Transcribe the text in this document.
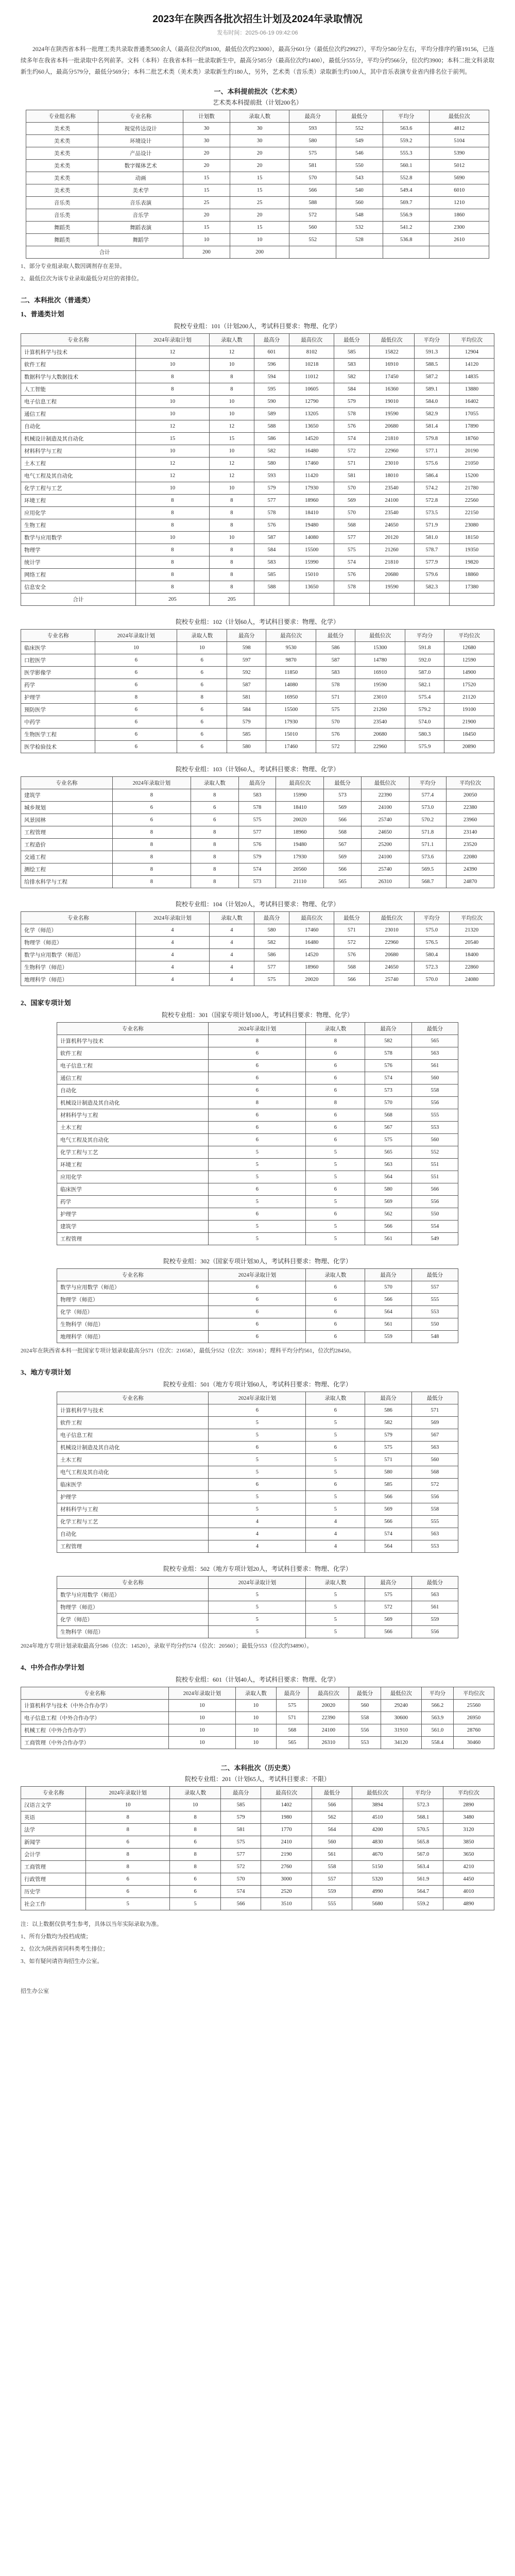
2023年在陕西各批次招生计划及2024年录取情况
发布时间：2025-06-19 09:42:06
2024年在陕西省本科一批理工类共录取普通类500余人（最高位次约8100，最低位次约23000），最高分601分（最低位次约29927），平均分580分左右，平均分排序约第19156，已连续多年在我省本科一批录取中名列前茅。文科（本科）在我省本科一批录取新生中，最高分585分（最高位次约1400），最低分555分，平均分约566分，位次约3900；本科二批文科录取新生约60人，最高分579分，最低分569分；本科二批艺术类（美术类）录取新生约180人，另外，艺术类（音乐类）录取新生约100人，其中音乐表演专业省内排名位于前列。
一、本科提前批次（艺术类）
艺术类本科提前批（计划200名）
专业组名称	专业名称	计划数	录取人数	最高分	最低分	平均分	最低位次
美术类	视觉传达设计	30	30	593	552	563.6	4812
美术类	环境设计	30	30	580	549	559.2	5104
美术类	产品设计	20	20	575	546	555.3	5390
美术类	数字媒体艺术	20	20	581	550	560.1	5012
美术类	动画	15	15	570	543	552.8	5690
美术类	美术学	15	15	566	540	549.4	6010
音乐类	音乐表演	25	25	588	560	569.7	1210
音乐类	音乐学	20	20	572	548	556.9	1860
舞蹈类	舞蹈表演	15	15	560	532	541.2	2300
舞蹈类	舞蹈学	10	10	552	528	536.8	2610
合计		200	200				
1、部分专业组录取人数因调剂存在差异。
2、最低位次为该专业录取最低分对应的省排位。
二、本科批次（普通类）
1、普通类计划
院校专业组：101（计划200人，考试科目要求：物理、化学）
专业名称	2024年录取计划	录取人数	最高分	最高位次	最低分	最低位次	平均分	平均位次
计算机科学与技术	12	12	601	8102	585	15822	591.3	12904
软件工程	10	10	596	10218	583	16910	588.5	14120
数据科学与大数据技术	8	8	594	11012	582	17450	587.2	14835
人工智能	8	8	595	10605	584	16360	589.1	13880
电子信息工程	10	10	590	12790	579	19010	584.0	16402
通信工程	10	10	589	13205	578	19590	582.9	17055
自动化	12	12	588	13650	576	20680	581.4	17890
机械设计制造及其自动化	15	15	586	14520	574	21810	579.8	18760
材料科学与工程	10	10	582	16480	572	22960	577.1	20190
土木工程	12	12	580	17460	571	23010	575.6	21050
电气工程及其自动化	12	12	593	11420	581	18010	586.4	15200
化学工程与工艺	10	10	579	17930	570	23540	574.2	21780
环境工程	8	8	577	18960	569	24100	572.8	22560
应用化学	8	8	578	18410	570	23540	573.5	22150
生物工程	8	8	576	19480	568	24650	571.9	23080
数学与应用数学	10	10	587	14080	577	20120	581.0	18150
物理学	8	8	584	15500	575	21260	578.7	19350
统计学	8	8	583	15990	574	21810	577.9	19820
网络工程	8	8	585	15010	576	20680	579.6	18860
信息安全	8	8	588	13650	578	19590	582.3	17380
合计	205	205						
院校专业组：102（计划60人，考试科目要求：物理、化学）
专业名称	2024年录取计划	录取人数	最高分	最高位次	最低分	最低位次	平均分	平均位次
临床医学	10	10	598	9530	586	15300	591.8	12680
口腔医学	6	6	597	9870	587	14780	592.0	12590
医学影像学	6	6	592	11850	583	16910	587.0	14900
药学	6	6	587	14080	578	19590	582.1	17520
护理学	8	8	581	16950	571	23010	575.4	21120
预防医学	6	6	584	15500	575	21260	579.2	19100
中药学	6	6	579	17930	570	23540	574.0	21900
生物医学工程	6	6	585	15010	576	20680	580.3	18450
医学检验技术	6	6	580	17460	572	22960	575.9	20890
院校专业组：103（计划60人，考试科目要求：物理、化学）
专业名称	2024年录取计划	录取人数	最高分	最高位次	最低分	最低位次	平均分	平均位次
建筑学	8	8	583	15990	573	22390	577.4	20050
城乡规划	6	6	578	18410	569	24100	573.0	22380
风景园林	6	6	575	20020	566	25740	570.2	23960
工程管理	8	8	577	18960	568	24650	571.8	23140
工程造价	8	8	576	19480	567	25200	571.1	23520
交通工程	8	8	579	17930	569	24100	573.6	22080
测绘工程	8	8	574	20560	566	25740	569.5	24390
给排水科学与工程	8	8	573	21110	565	26310	568.7	24870
院校专业组：104（计划20人，考试科目要求：物理、化学）
专业名称	2024年录取计划	录取人数	最高分	最高位次	最低分	最低位次	平均分	平均位次
化学（师范）	4	4	580	17460	571	23010	575.0	21320
物理学（师范）	4	4	582	16480	572	22960	576.5	20540
数学与应用数学（师范）	4	4	586	14520	576	20680	580.4	18400
生物科学（师范）	4	4	577	18960	568	24650	572.3	22860
地理科学（师范）	4	4	575	20020	566	25740	570.0	24080
2、国家专项计划
院校专业组：301（国家专项计划100人，考试科目要求：物理、化学）
专业名称	2024年录取计划	录取人数	最高分	最低分
计算机科学与技术	8	8	582	565
软件工程	6	6	578	563
电子信息工程	6	6	576	561
通信工程	6	6	574	560
自动化	6	6	573	558
机械设计制造及其自动化	8	8	570	556
材料科学与工程	6	6	568	555
土木工程	6	6	567	553
电气工程及其自动化	6	6	575	560
化学工程与工艺	5	5	565	552
环境工程	5	5	563	551
应用化学	5	5	564	551
临床医学	6	6	580	566
药学	5	5	569	556
护理学	6	6	562	550
建筑学	5	5	566	554
工程管理	5	5	561	549
院校专业组：302（国家专项计划30人，考试科目要求：物理、化学）
专业名称	2024年录取计划	录取人数	最高分	最低分
数学与应用数学（师范）	6	6	570	557
物理学（师范）	6	6	566	555
化学（师范）	6	6	564	553
生物科学（师范）	6	6	561	550
地理科学（师范）	6	6	559	548
2024年在陕西省本科一批国家专项计划录取最高分571（位次：21658），最低分552（位次：35918）；理科平均分约561，位次约28450。
3、地方专项计划
院校专业组：501（地方专项计划60人，考试科目要求：物理、化学）
专业名称	2024年录取计划	录取人数	最高分	最低分
计算机科学与技术	6	6	586	571
软件工程	5	5	582	569
电子信息工程	5	5	579	567
机械设计制造及其自动化	6	6	575	563
土木工程	5	5	571	560
电气工程及其自动化	5	5	580	568
临床医学	6	6	585	572
护理学	5	5	566	556
材料科学与工程	5	5	569	558
化学工程与工艺	4	4	566	555
自动化	4	4	574	563
工程管理	4	4	564	553
院校专业组：502（地方专项计划20人，考试科目要求：物理、化学）
专业名称	2024年录取计划	录取人数	最高分	最低分
数学与应用数学（师范）	5	5	575	563
物理学（师范）	5	5	572	561
化学（师范）	5	5	569	559
生物科学（师范）	5	5	566	556
2024年地方专项计划录取最高分586（位次：14520），录取平均分约574（位次：20560）；最低分553（位次约34890）。
4、中外合作办学计划
院校专业组：601（计划40人，考试科目要求：物理、化学）
专业名称	2024年录取计划	录取人数	最高分	最高位次	最低分	最低位次	平均分	平均位次
计算机科学与技术（中外合作办学）	10	10	575	20020	560	29240	566.2	25560
电子信息工程（中外合作办学）	10	10	571	22390	558	30600	563.9	26950
机械工程（中外合作办学）	10	10	568	24100	556	31910	561.0	28760
工商管理（中外合作办学）	10	10	565	26310	553	34120	558.4	30460
二、本科批次（历史类）
院校专业组：201（计划65人，考试科目要求：不限）
专业名称	2024年录取计划	录取人数	最高分	最高位次	最低分	最低位次	平均分	平均位次
汉语言文学	10	10	585	1402	566	3894	572.3	2890
英语	8	8	579	1980	562	4510	568.1	3480
法学	8	8	581	1770	564	4200	570.5	3120
新闻学	6	6	575	2410	560	4830	565.8	3850
会计学	8	8	577	2190	561	4670	567.0	3650
工商管理	8	8	572	2760	558	5150	563.4	4210
行政管理	6	6	570	3000	557	5320	561.9	4450
历史学	6	6	574	2520	559	4990	564.7	4010
社会工作	5	5	566	3510	555	5680	559.2	4890
注：以上数据仅供考生参考，具体以当年实际录取为准。
1、所有分数均为投档成绩；
2、位次为陕西省同科类考生排位；
3、如有疑问请咨询招生办公室。
招生办公室
